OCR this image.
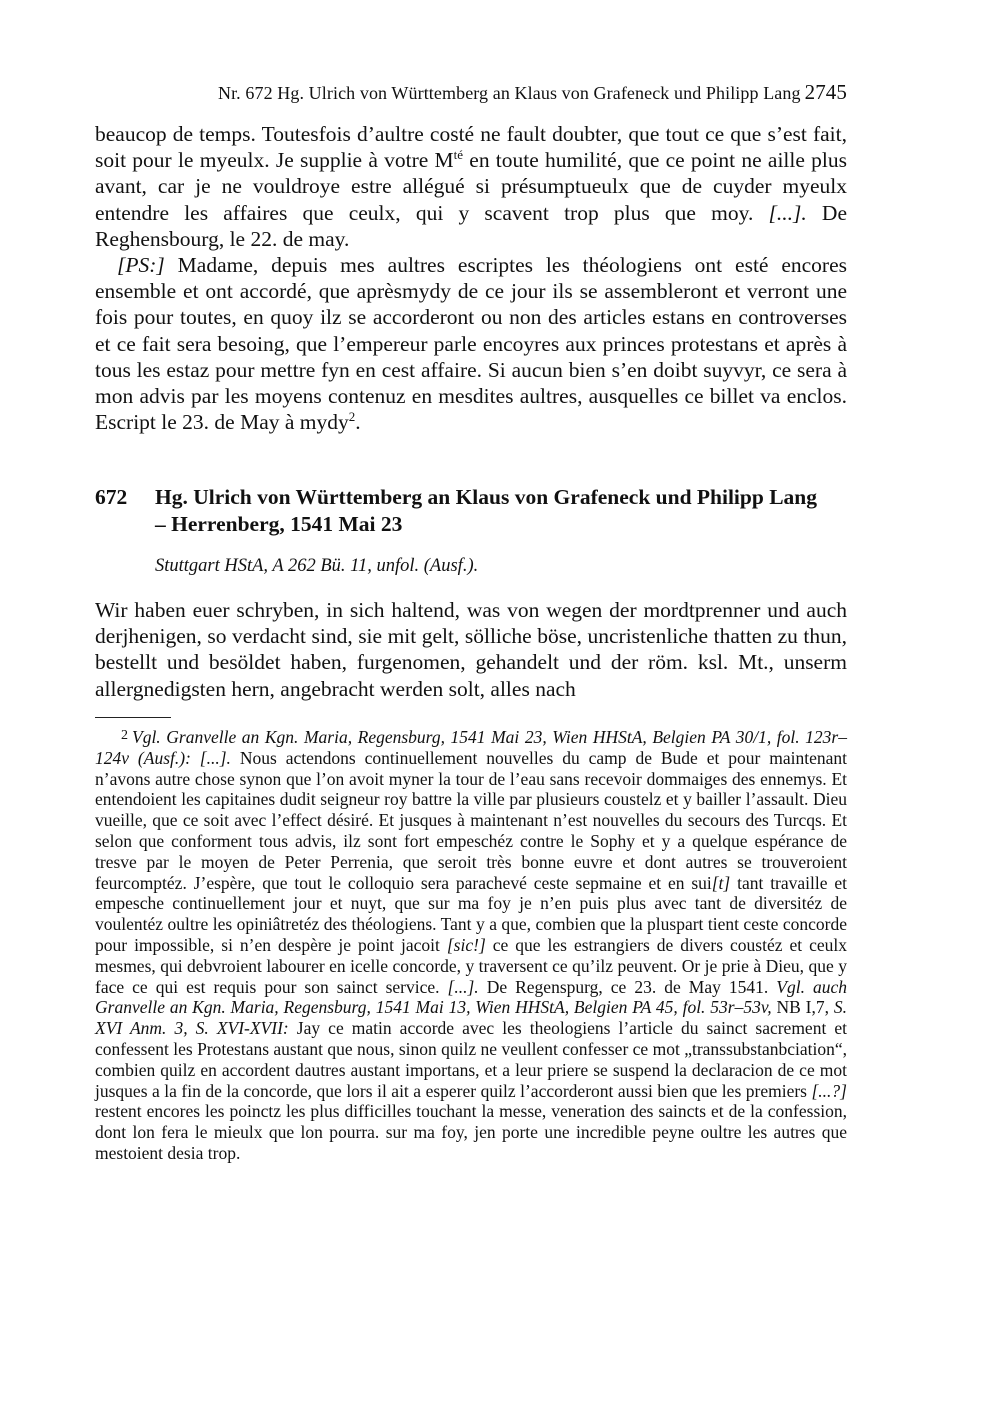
Nr. 672 Hg. Ulrich von Württemberg an Klaus von Grafeneck und Philipp Lang 2745

beaucop de temps. Toutesfois d’aultre costé ne fault doubter, que tout ce que s’est fait, soit pour le myeulx. Je supplie à votre $M^{té}$ en toute humilité, que ce point ne aille plus avant, car je ne vouldroye estre allégué si présumptueulx que de cuyder myeulx entendre les affaires que ceulx, qui y scavent trop plus que moy. [...]. De Reghensbourg, le 22. de may.

[PS:] Madame, depuis mes aultres escriptes les théologiens ont esté encores ensemble et ont accordé, que aprèsmydy de ce jour ils se assembleront et verront une fois pour toutes, en quoy ilz se accorderont ou non des articles estans en controverses et ce fait sera besoing, que l’empereur parle encoyres aux princes protestans et après à tous les estaz pour mettre fyn en cest affaire. Si aucun bien s’en doibt suyvyr, ce sera à mon advis par les moyens contenuz en mesdites aultres, ausquelles ce billet va enclos. Escript le 23. de May à mydy$^2$.

672 Hg. Ulrich von Württemberg an Klaus von Grafeneck und Philipp Lang
– Herrenberg, 1541 Mai 23
Stuttgart HStA, A 262 Bü. 11, unfol. (Ausf.).

Wir haben euer schryben, in sich haltend, was von wegen der mordtprenner und auch derjhenigen, so verdacht sind, sie mit gelt, sölliche böse, uncristenliche thatten zu thun, bestellt und besöldet haben, furgenomen, gehandelt und der röm. ksl. Mt., unserm allergnedigsten hern, angebracht werden solt, alles nach

$^2$ Vgl. Granvelle an Kgn. Maria, Regensburg, 1541 Mai 23, Wien HHStA, Belgien PA 30/1, fol. 123r–124v (Ausf.): [...]. Nous actendons continuellement nouvelles du camp de Bude et pour maintenant n’avons autre chose synon que l’on avoit myner la tour de l’eau sans recevoir dommaiges des ennemys. Et entendoient les capitaines dudit seigneur roy battre la ville par plusieurs coustelz et y bailler l’assault. Dieu vueille, que ce soit avec l’effect désiré. Et jusques à maintenant n’est nouvelles du secours des Turcqs. Et selon que conforment tous advis, ilz sont fort empeschéz contre le Sophy et y a quelque espérance de tresve par le moyen de Peter Perrenia, que seroit très bonne euvre et dont autres se trouveroient feurcomptéz. J’espère, que tout le colloquio sera parachevé ceste sepmaine et en sui[t] tant travaille et empesche continuellement jour et nuyt, que sur ma foy je n’en puis plus avec tant de diversitéz de voulentéz oultre les opiniâtretéz des théologiens. Tant y a que, combien que la pluspart tient ceste concorde pour impossible, si n’en despère je point jacoit [sic!] ce que les estrangiers de divers coustéz et ceulx mesmes, qui debvroient labourer en icelle concorde, y traversent ce qu’ilz peuvent. Or je prie à Dieu, que y face ce qui est requis pour son sainct service. [...]. De Regenspurg, ce 23. de May 1541. Vgl. auch Granvelle an Kgn. Maria, Regensburg, 1541 Mai 13, Wien HHStA, Belgien PA 45, fol. 53r–53v, NB I,7, S. XVI Anm. 3, S. XVI-XVII: Jay ce matin accorde avec les theologiens l’article du sainct sacrement et confessent les Protestans austant que nous, sinon quilz ne veullent confesser ce mot „transsubstanbciation“, combien quilz en accordent dautres austant importans, et a leur priere se suspend la declaracion de ce mot jusques a la fin de la concorde, que lors il ait a esperer quilz l’accorderont aussi bien que les premiers [...?] restent encores les poinctz les plus difficilles touchant la messe, veneration des saincts et de la confession, dont lon fera le mieulx que lon pourra. sur ma foy, jen porte une incredible peyne oultre les autres que mestoient desia trop.
